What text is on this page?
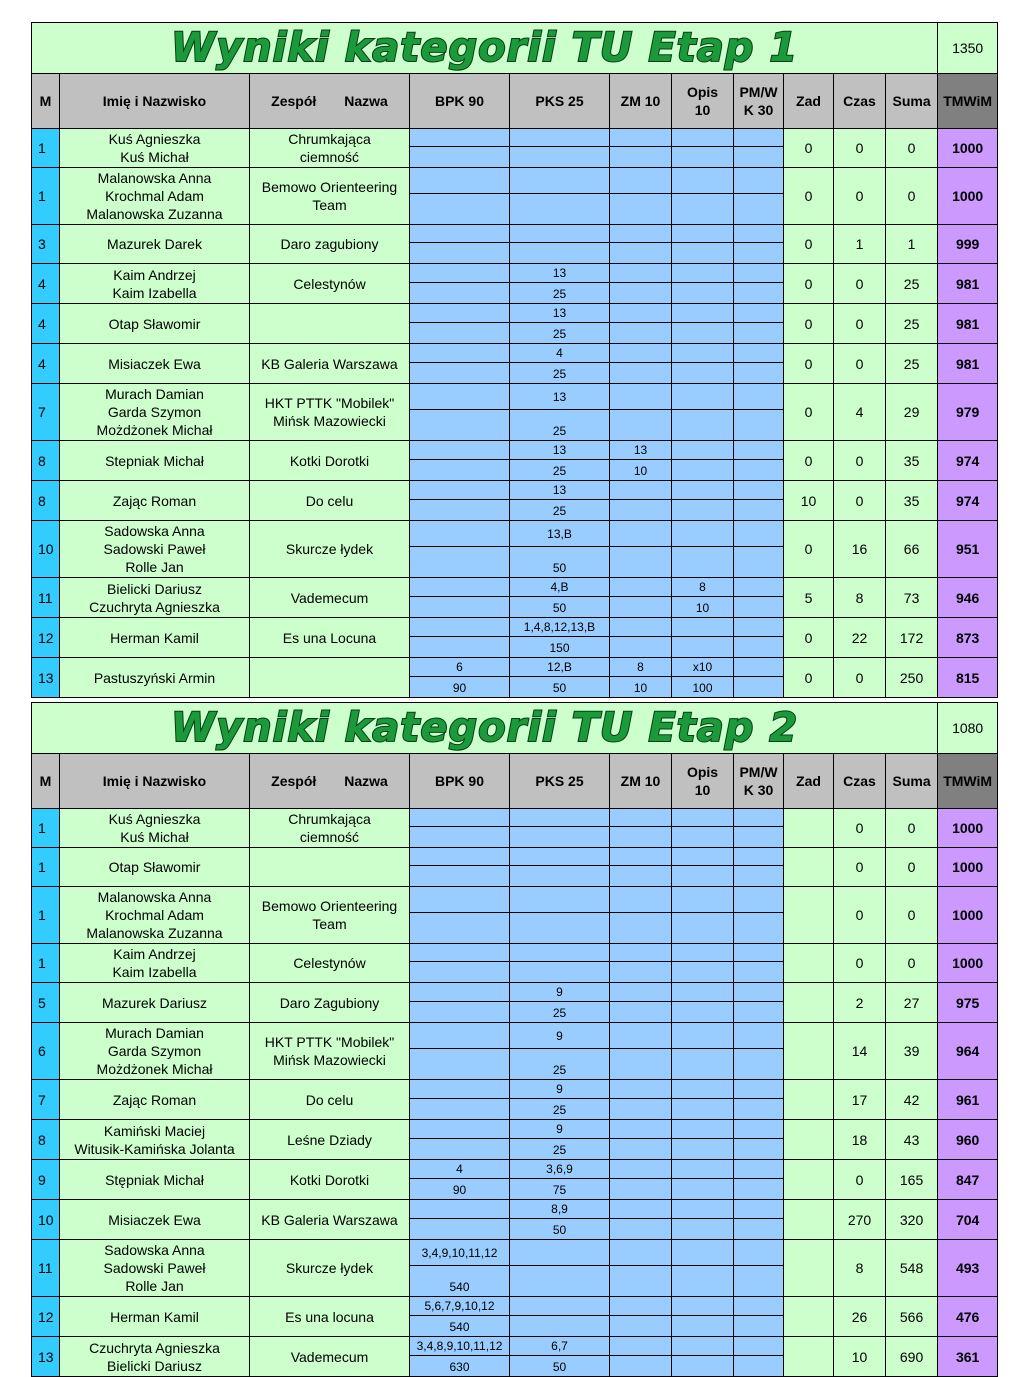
Wyniki kategorii TU Etap 1											1350
M	Imię i Nazwisko	Zespół Nazwa	BPK 90	PKS 25	ZM 10	Opis
10	PM/W
K 30	Zad	Czas	Suma	TMWiM
1	Kuś Agnieszka
Kuś Michał	Chrumkająca
ciemność						0	0	0	1000

1	Malanowska Anna
Krochmal Adam
Malanowska Zuzanna	Bemowo Orienteering
Team						0	0	0	1000

3	Mazurek Darek	Daro zagubiony						0	1	1	999

4	Kaim Andrzej
Kaim Izabella	Celestynów		13				0	0	25	981
				25							
4	Otap Sławomir			13				0	0	25	981
				25							
4	Misiaczek Ewa	KB Galeria Warszawa		4				0	0	25	981
				25							
7	Murach Damian
Garda Szymon
Możdżonek Michał	HKT PTTK "Mobilek"
Mińsk Mazowiecki		13				0	4	29	979
				25							
8	Stepniak Michał	Kotki Dorotki		13	13			0	0	35	974
				25	10						
8	Zając Roman	Do celu		13				10	0	35	974
				25							
10	Sadowska Anna
Sadowski Paweł
Rolle Jan	Skurcze łydek		13,B				0	16	66	951
				50							
11	Bielicki Dariusz
Czuchryta Agnieszka	Vademecum		4,B		8		5	8	73	946
				50		10					
12	Herman Kamil	Es una Locuna		1,4,8,12,13,B				0	22	172	873
				150							
13	Pastuszyński Armin		6	12,B	8	x10		0	0	250	815
			90	50	10	100					
Wyniki kategorii TU Etap 2											1080
M	Imię i Nazwisko	Zespół Nazwa	BPK 90	PKS 25	ZM 10	Opis
10	PM/W
K 30	Zad	Czas	Suma	TMWiM
1	Kuś Agnieszka
Kuś Michał	Chrumkająca
ciemność							0	0	1000

1	Otap Sławomir								0	0	1000

1	Malanowska Anna
Krochmal Adam
Malanowska Zuzanna	Bemowo Orienteering
Team							0	0	1000

1	Kaim Andrzej
Kaim Izabella	Celestynów							0	0	1000

5	Mazurek Dariusz	Daro Zagubiony		9					2	27	975
				25							
6	Murach Damian
Garda Szymon
Możdżonek Michał	HKT PTTK "Mobilek"
Mińsk Mazowiecki		9					14	39	964
				25							
7	Zając Roman	Do celu		9					17	42	961
				25							
8	Kamiński Maciej
Witusik-Kamińska Jolanta	Leśne Dziady		9					18	43	960
				25							
9	Stępniak Michał	Kotki Dorotki	4	3,6,9					0	165	847
			90	75							
10	Misiaczek Ewa	KB Galeria Warszawa		8,9					270	320	704
				50							
11	Sadowska Anna
Sadowski Paweł
Rolle Jan	Skurcze łydek	3,4,9,10,11,12						8	548	493
			540								
12	Herman Kamil	Es una locuna	5,6,7,9,10,12						26	566	476
			540								
13	Czuchryta Agnieszka
Bielicki Dariusz	Vademecum	3,4,8,9,10,11,12	6,7					10	690	361
			630	50							
